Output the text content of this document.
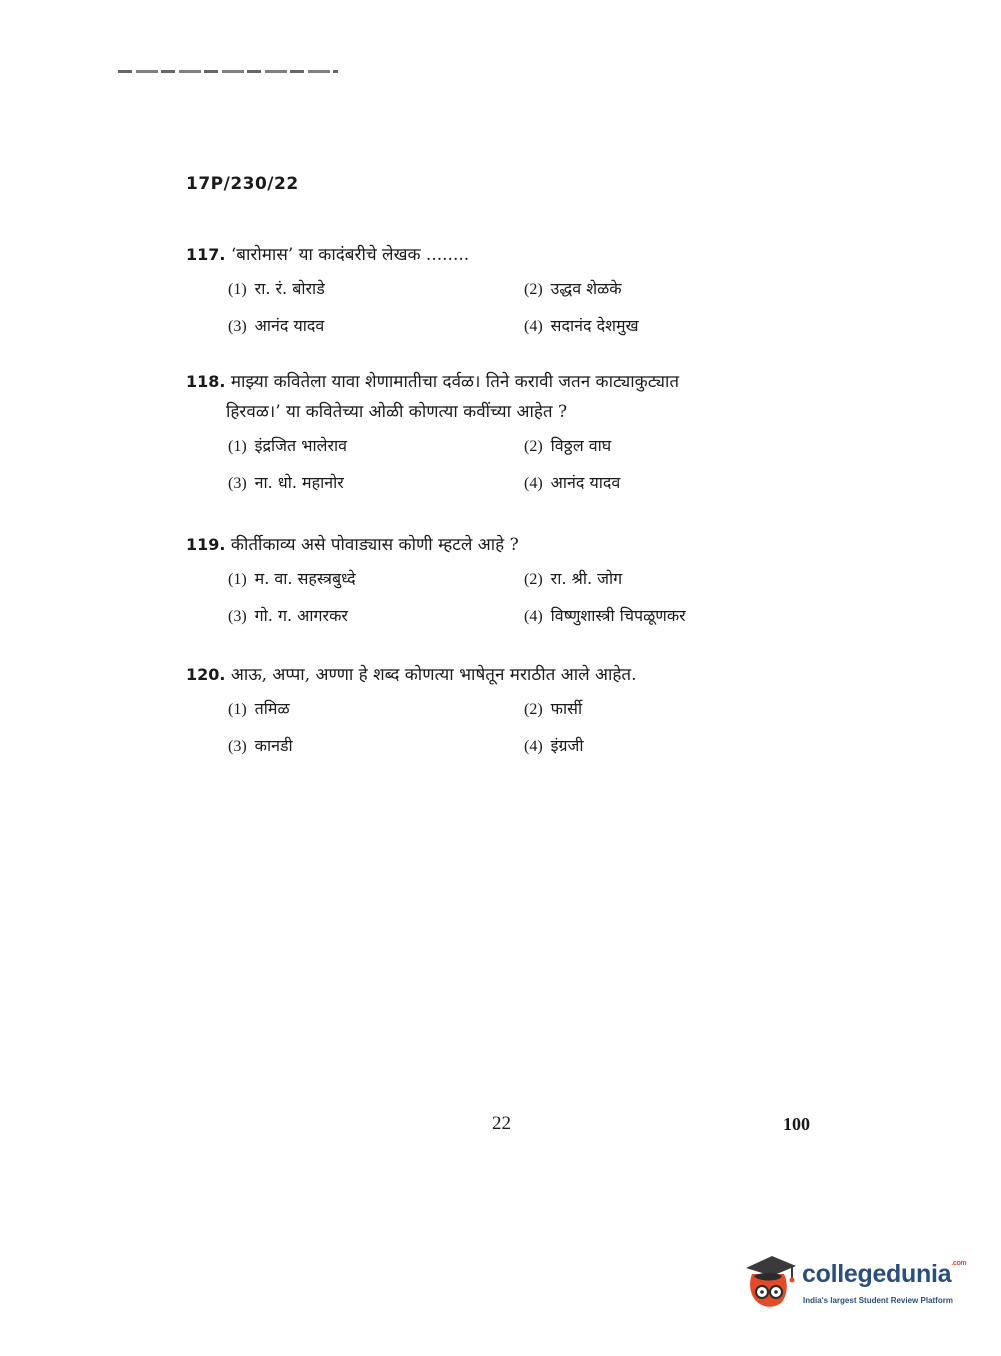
17P/230/22
117. ‘बारोमास’ या कादंबरीचे लेखक ........
(1) रा. रं. बोराडे	(2) उद्धव शेळके
(3) आनंद यादव	(4) सदानंद देशमुख
118. माझ्या कवितेला यावा शेणामातीचा दर्वळ। तिने करावी जतन काट्याकुट्यात
हिरवळ।’ या कवितेच्या ओळी कोणत्या कवींच्या आहेत ?
(1) इंद्रजित भालेराव	(2) विठ्ठल वाघ
(3) ना. धो. महानोर	(4) आनंद यादव
119. कीर्तीकाव्य असे पोवाड्यास कोणी म्हटले आहे ?
(1) म. वा. सहस्त्रबुध्दे	(2) रा. श्री. जोग
(3) गो. ग. आगरकर	(4) विष्णुशास्त्री चिपळूणकर
120. आऊ, अप्पा, अण्णा हे शब्द कोणत्या भाषेतून मराठीत आले आहेत.
(1) तमिळ	(2) फार्सी
(3) कानडी	(4) इंग्रजी
22	100
collegedunia$^{.com}$
India's largest Student Review Platform
